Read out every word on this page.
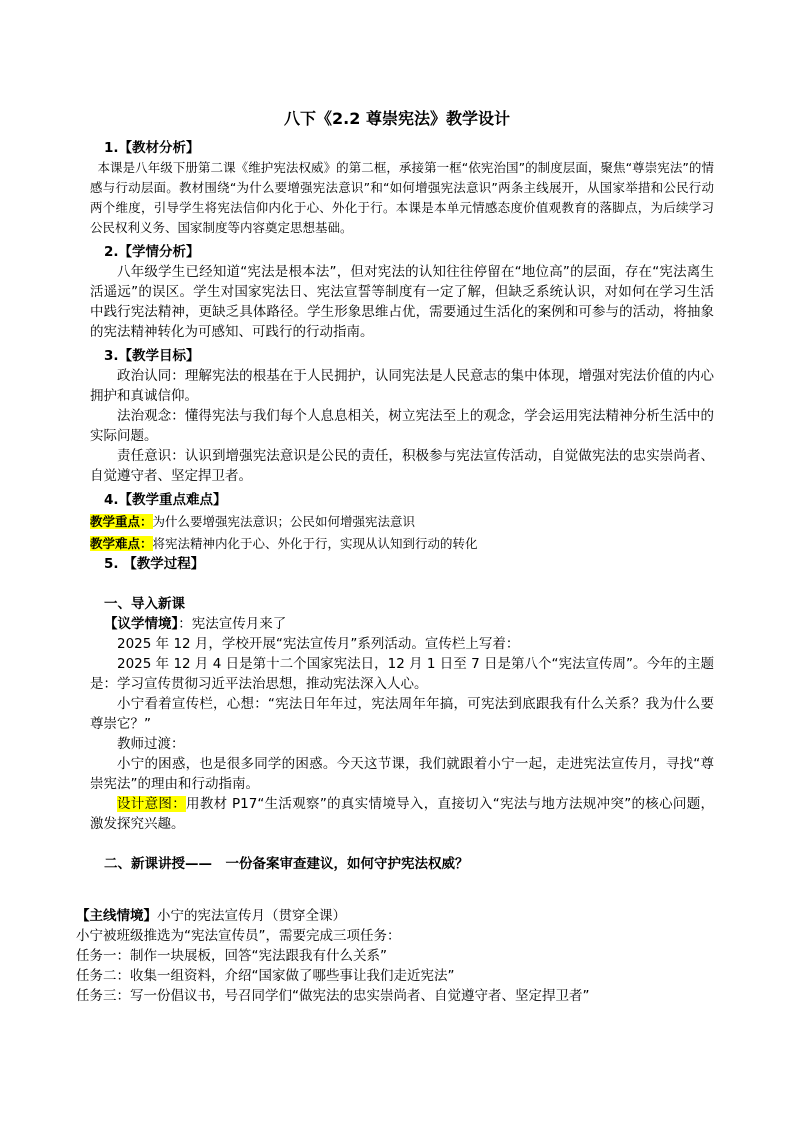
八下《2.2 尊崇宪法》教学设计
1.【教材分析】
本课是八年级下册第二课《维护宪法权威》的第二框，承接第一框“依宪治国”的制度层面，聚焦“尊崇宪法”的情感与行动层面。教材围绕“为什么要增强宪法意识”和“如何增强宪法意识”两条主线展开，从国家举措和公民行动两个维度，引导学生将宪法信仰内化于心、外化于行。本课是本单元情感态度价值观教育的落脚点，为后续学习公民权利义务、国家制度等内容奠定思想基础。
2.【学情分析】
八年级学生已经知道“宪法是根本法”，但对宪法的认知往往停留在“地位高”的层面，存在“宪法离生活遥远”的误区。学生对国家宪法日、宪法宣誓等制度有一定了解，但缺乏系统认识，对如何在学习生活中践行宪法精神，更缺乏具体路径。学生形象思维占优，需要通过生活化的案例和可参与的活动，将抽象的宪法精神转化为可感知、可践行的行动指南。
3.【教学目标】
政治认同：理解宪法的根基在于人民拥护，认同宪法是人民意志的集中体现，增强对宪法价值的内心拥护和真诚信仰。
法治观念：懂得宪法与我们每个人息息相关，树立宪法至上的观念，学会运用宪法精神分析生活中的实际问题。
责任意识：认识到增强宪法意识是公民的责任，积极参与宪法宣传活动，自觉做宪法的忠实崇尚者、自觉遵守者、坚定捍卫者。
4.【教学重点难点】
教学重点：为什么要增强宪法意识；公民如何增强宪法意识
教学难点：将宪法精神内化于心、外化于行，实现从认知到行动的转化
5. 【教学过程】
一、导入新课
【议学情境】：宪法宣传月来了
2025 年 12 月，学校开展“宪法宣传月”系列活动。宣传栏上写着：
2025 年 12 月 4 日是第十二个国家宪法日，12 月 1 日至 7 日是第八个“宪法宣传周”。今年的主题是：学习宣传贯彻习近平法治思想，推动宪法深入人心。
小宁看着宣传栏，心想：“宪法日年年过，宪法周年年搞，可宪法到底跟我有什么关系？我为什么要尊崇它？”
教师过渡：
小宁的困惑，也是很多同学的困惑。今天这节课，我们就跟着小宁一起，走进宪法宣传月，寻找“尊崇宪法”的理由和行动指南。
设计意图：用教材 P17“生活观察”的真实情境导入，直接切入“宪法与地方法规冲突”的核心问题，激发探究兴趣。
二、新课讲授——　一份备案审查建议，如何守护宪法权威？
【主线情境】小宁的宪法宣传月（贯穿全课）
小宁被班级推选为“宪法宣传员”，需要完成三项任务：
任务一：制作一块展板，回答“宪法跟我有什么关系”
任务二：收集一组资料，介绍“国家做了哪些事让我们走近宪法”
任务三：写一份倡议书，号召同学们“做宪法的忠实崇尚者、自觉遵守者、坚定捍卫者”
